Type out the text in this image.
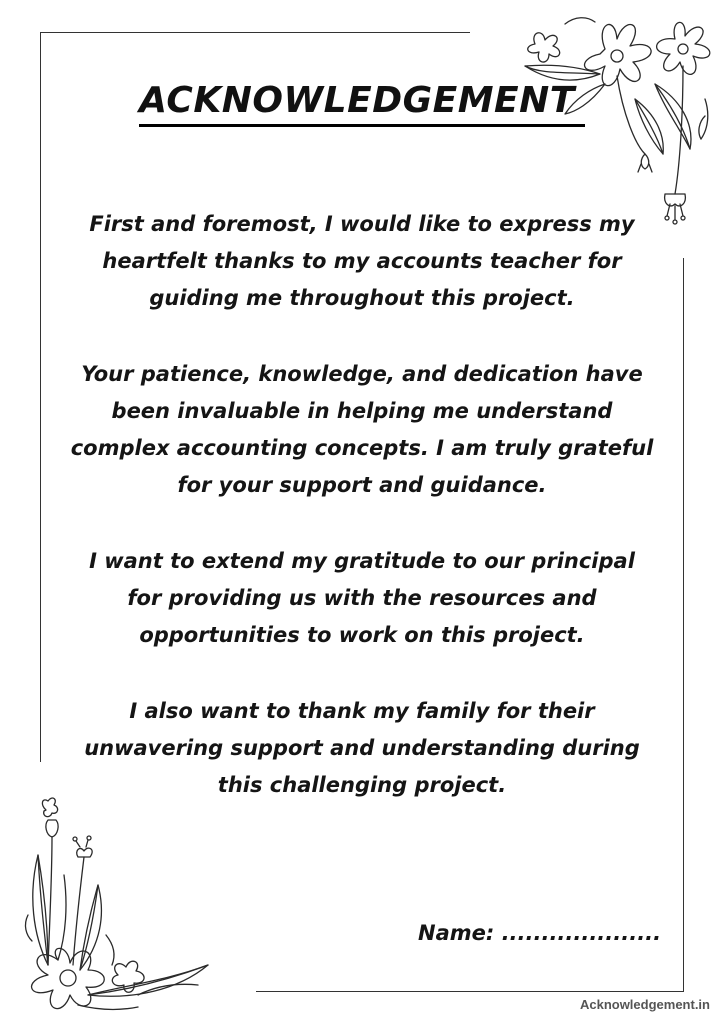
ACKNOWLEDGEMENT
First and foremost, I would like to express my heartfelt thanks to my accounts teacher for guiding me throughout this project.
Your patience, knowledge, and dedication have been invaluable in helping me understand complex accounting concepts. I am truly grateful for your support and guidance.
I want to extend my gratitude to our principal for providing us with the resources and opportunities to work on this project.
I also want to thank my family for their unwavering support and understanding during this challenging project.
Name: ....................
Acknowledgement.in
